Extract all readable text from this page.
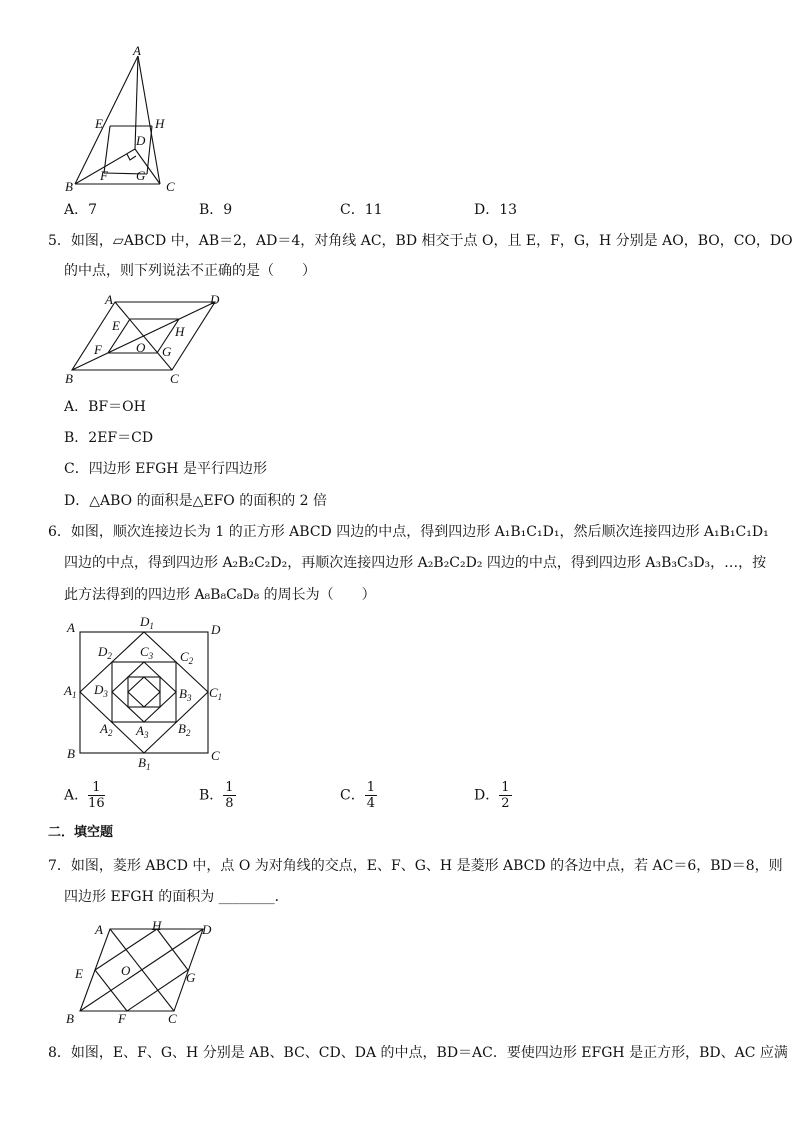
A
E	H
D
B
F G
C
A．7	B．9	C．11	D．13
5．如图，▱ABCD 中，AB＝2，AD＝4，对角线 AC，BD 相交于点 O，且 E，F，G，H 分别是 AO，BO，CO，DO
的中点，则下列说法不正确的是（　　）
A	D
E	H
F	O G
B	C
A．BF＝OH
B．2EF＝CD
C．四边形 EFGH 是平行四边形
D．△ABO 的面积是△EFO 的面积的 2 倍
6．如图，顺次连接边长为 1 的正方形 ABCD 四边的中点，得到四边形 A₁B₁C₁D₁，然后顺次连接四边形 A₁B₁C₁D₁
四边的中点，得到四边形 A₂B₂C₂D₂，再顺次连接四边形 A₂B₂C₂D₂ 四边的中点，得到四边形 A₃B₃C₃D₃，…，按
此方法得到的四边形 A₈B₈C₈D₈ 的周长为（　　）
A	D
B	C
$D_1$
$D_2$ $C_3$ $C_2$
$A_1$ $D_3$	$B_3$ $C_1$
$A_2$ $A_3$ $B_2$
$B_1$
A． $\frac{1}{16}$	B． $\frac{1}{8}$	C． $\frac{1}{4}$	D． $\frac{1}{2}$
二．填空题
7．如图，菱形 ABCD 中，点 O 为对角线的交点，E、F、G、H 是菱形 ABCD 的各边中点，若 AC＝6，BD＝8，则
四边形 EFGH 的面积为 ________．
A	H	D
E	O	G
B	F	C
8．如图，E、F、G、H 分别是 AB、BC、CD、DA 的中点，BD＝AC．要使四边形 EFGH 是正方形，BD、AC 应满
